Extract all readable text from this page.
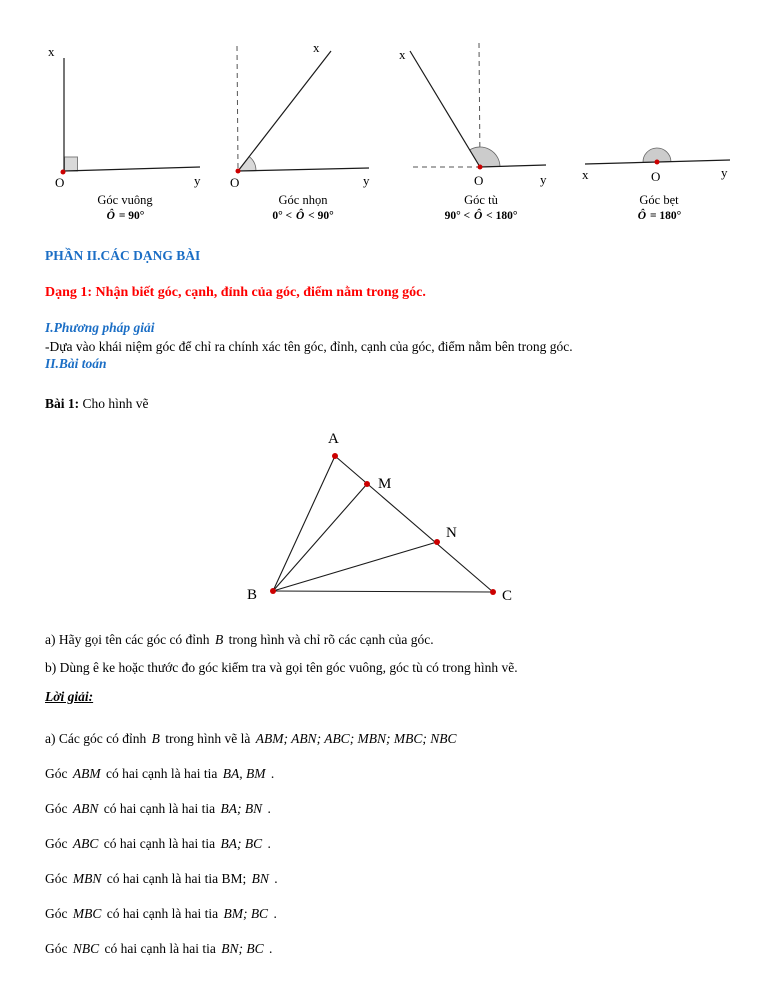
x
O	y
Góc vuông
Ô = 90°
x
O	y
Góc nhọn
0° < Ô < 90°
x
O	y
Góc tù
90° < Ô < 180°
x	O	y
Góc bẹt
Ô = 180°

PHẦN II.CÁC DẠNG BÀI

Dạng 1: Nhận biết góc, cạnh, đỉnh của góc, điểm nằm trong góc.

I.Phương pháp giải

-Dựa vào khái niệm góc để chỉ ra chính xác tên góc, đỉnh, cạnh của góc, điểm nằm bên trong góc.

II.Bài toán

Bài 1: Cho hình vẽ

A
M
N
B	C

a) Hãy gọi tên các góc có đỉnh B trong hình và chỉ rõ các cạnh của góc.

b) Dùng ê ke hoặc thước đo góc kiểm tra và gọi tên góc vuông, góc tù có trong hình vẽ.

Lời giải:

a) Các góc có đỉnh B trong hình vẽ là ABM; ABN; ABC; MBN; MBC; NBC

Góc ABM có hai cạnh là hai tia BA, BM .

Góc ABN có hai cạnh là hai tia BA; BN .

Góc ABC có hai cạnh là hai tia BA; BC .

Góc MBN có hai cạnh là hai tia BM; BN .

Góc MBC có hai cạnh là hai tia BM; BC .

Góc NBC có hai cạnh là hai tia BN; BC .
